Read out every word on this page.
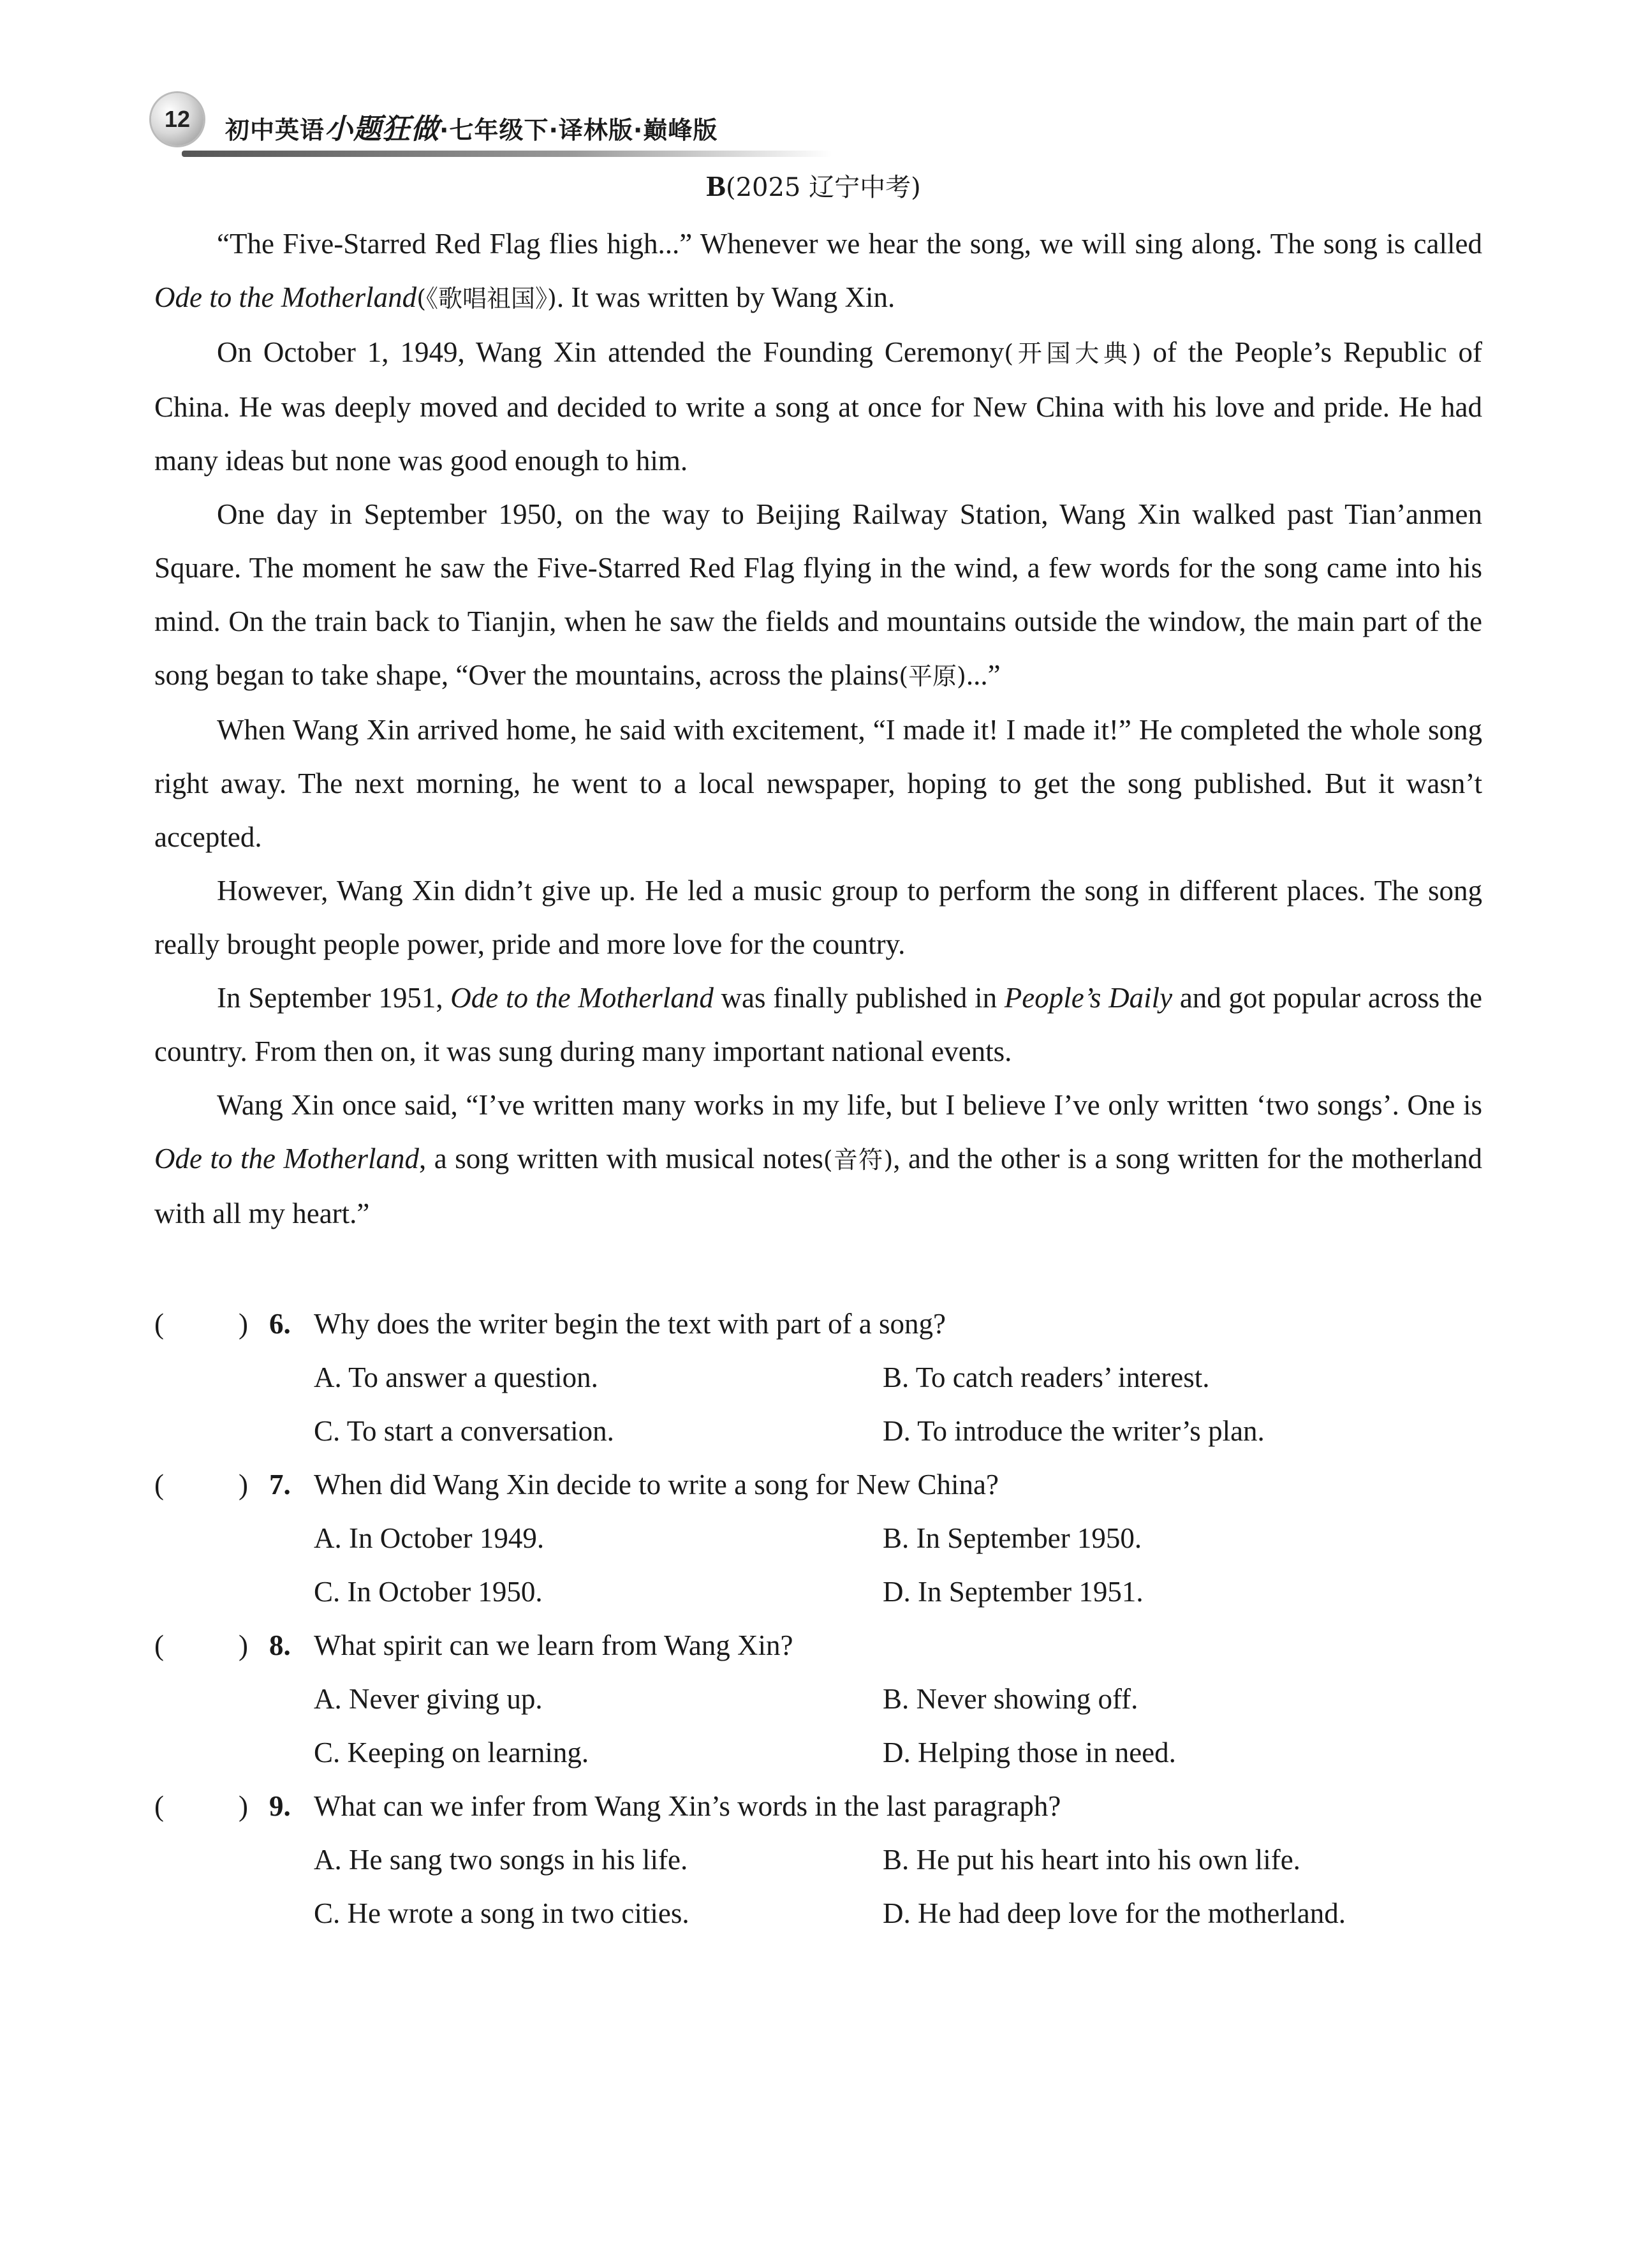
12 初中英语小题狂做·七年级下·译林版·巅峰版
B(2025 辽宁中考)

“The Five-Starred Red Flag flies high...” Whenever we hear the song, we will sing along. The song is called Ode to the Motherland(《歌唱祖国》). It was written by Wang Xin.

On October 1, 1949, Wang Xin attended the Founding Ceremony(开国大典) of the People’s Republic of China. He was deeply moved and decided to write a song at once for New China with his love and pride. He had many ideas but none was good enough to him.

One day in September 1950, on the way to Beijing Railway Station, Wang Xin walked past Tian’anmen Square. The moment he saw the Five-Starred Red Flag flying in the wind, a few words for the song came into his mind. On the train back to Tianjin, when he saw the fields and mountains outside the window, the main part of the song began to take shape, “Over the mountains, across the plains(平原)...”

When Wang Xin arrived home, he said with excitement, “I made it! I made it!” He completed the whole song right away. The next morning, he went to a local newspaper, hoping to get the song published. But it wasn’t accepted.

However, Wang Xin didn’t give up. He led a music group to perform the song in different places. The song really brought people power, pride and more love for the country.

In September 1951, Ode to the Motherland was finally published in People’s Daily and got popular across the country. From then on, it was sung during many important national events.

Wang Xin once said, “I’ve written many works in my life, but I believe I’ve only written ‘two songs’. One is Ode to the Motherland, a song written with musical notes(音符), and the other is a song written for the motherland with all my heart.”

(	) 6. Why does the writer begin the text with part of a song?
A. To answer a question.	B. To catch readers’ interest.
C. To start a conversation.	D. To introduce the writer’s plan.
(	) 7. When did Wang Xin decide to write a song for New China?
A. In October 1949.	B. In September 1950.
C. In October 1950.	D. In September 1951.
(	) 8. What spirit can we learn from Wang Xin?
A. Never giving up.	B. Never showing off.
C. Keeping on learning.	D. Helping those in need.
(	) 9. What can we infer from Wang Xin’s words in the last paragraph?
A. He sang two songs in his life.	B. He put his heart into his own life.
C. He wrote a song in two cities.	D. He had deep love for the motherland.
